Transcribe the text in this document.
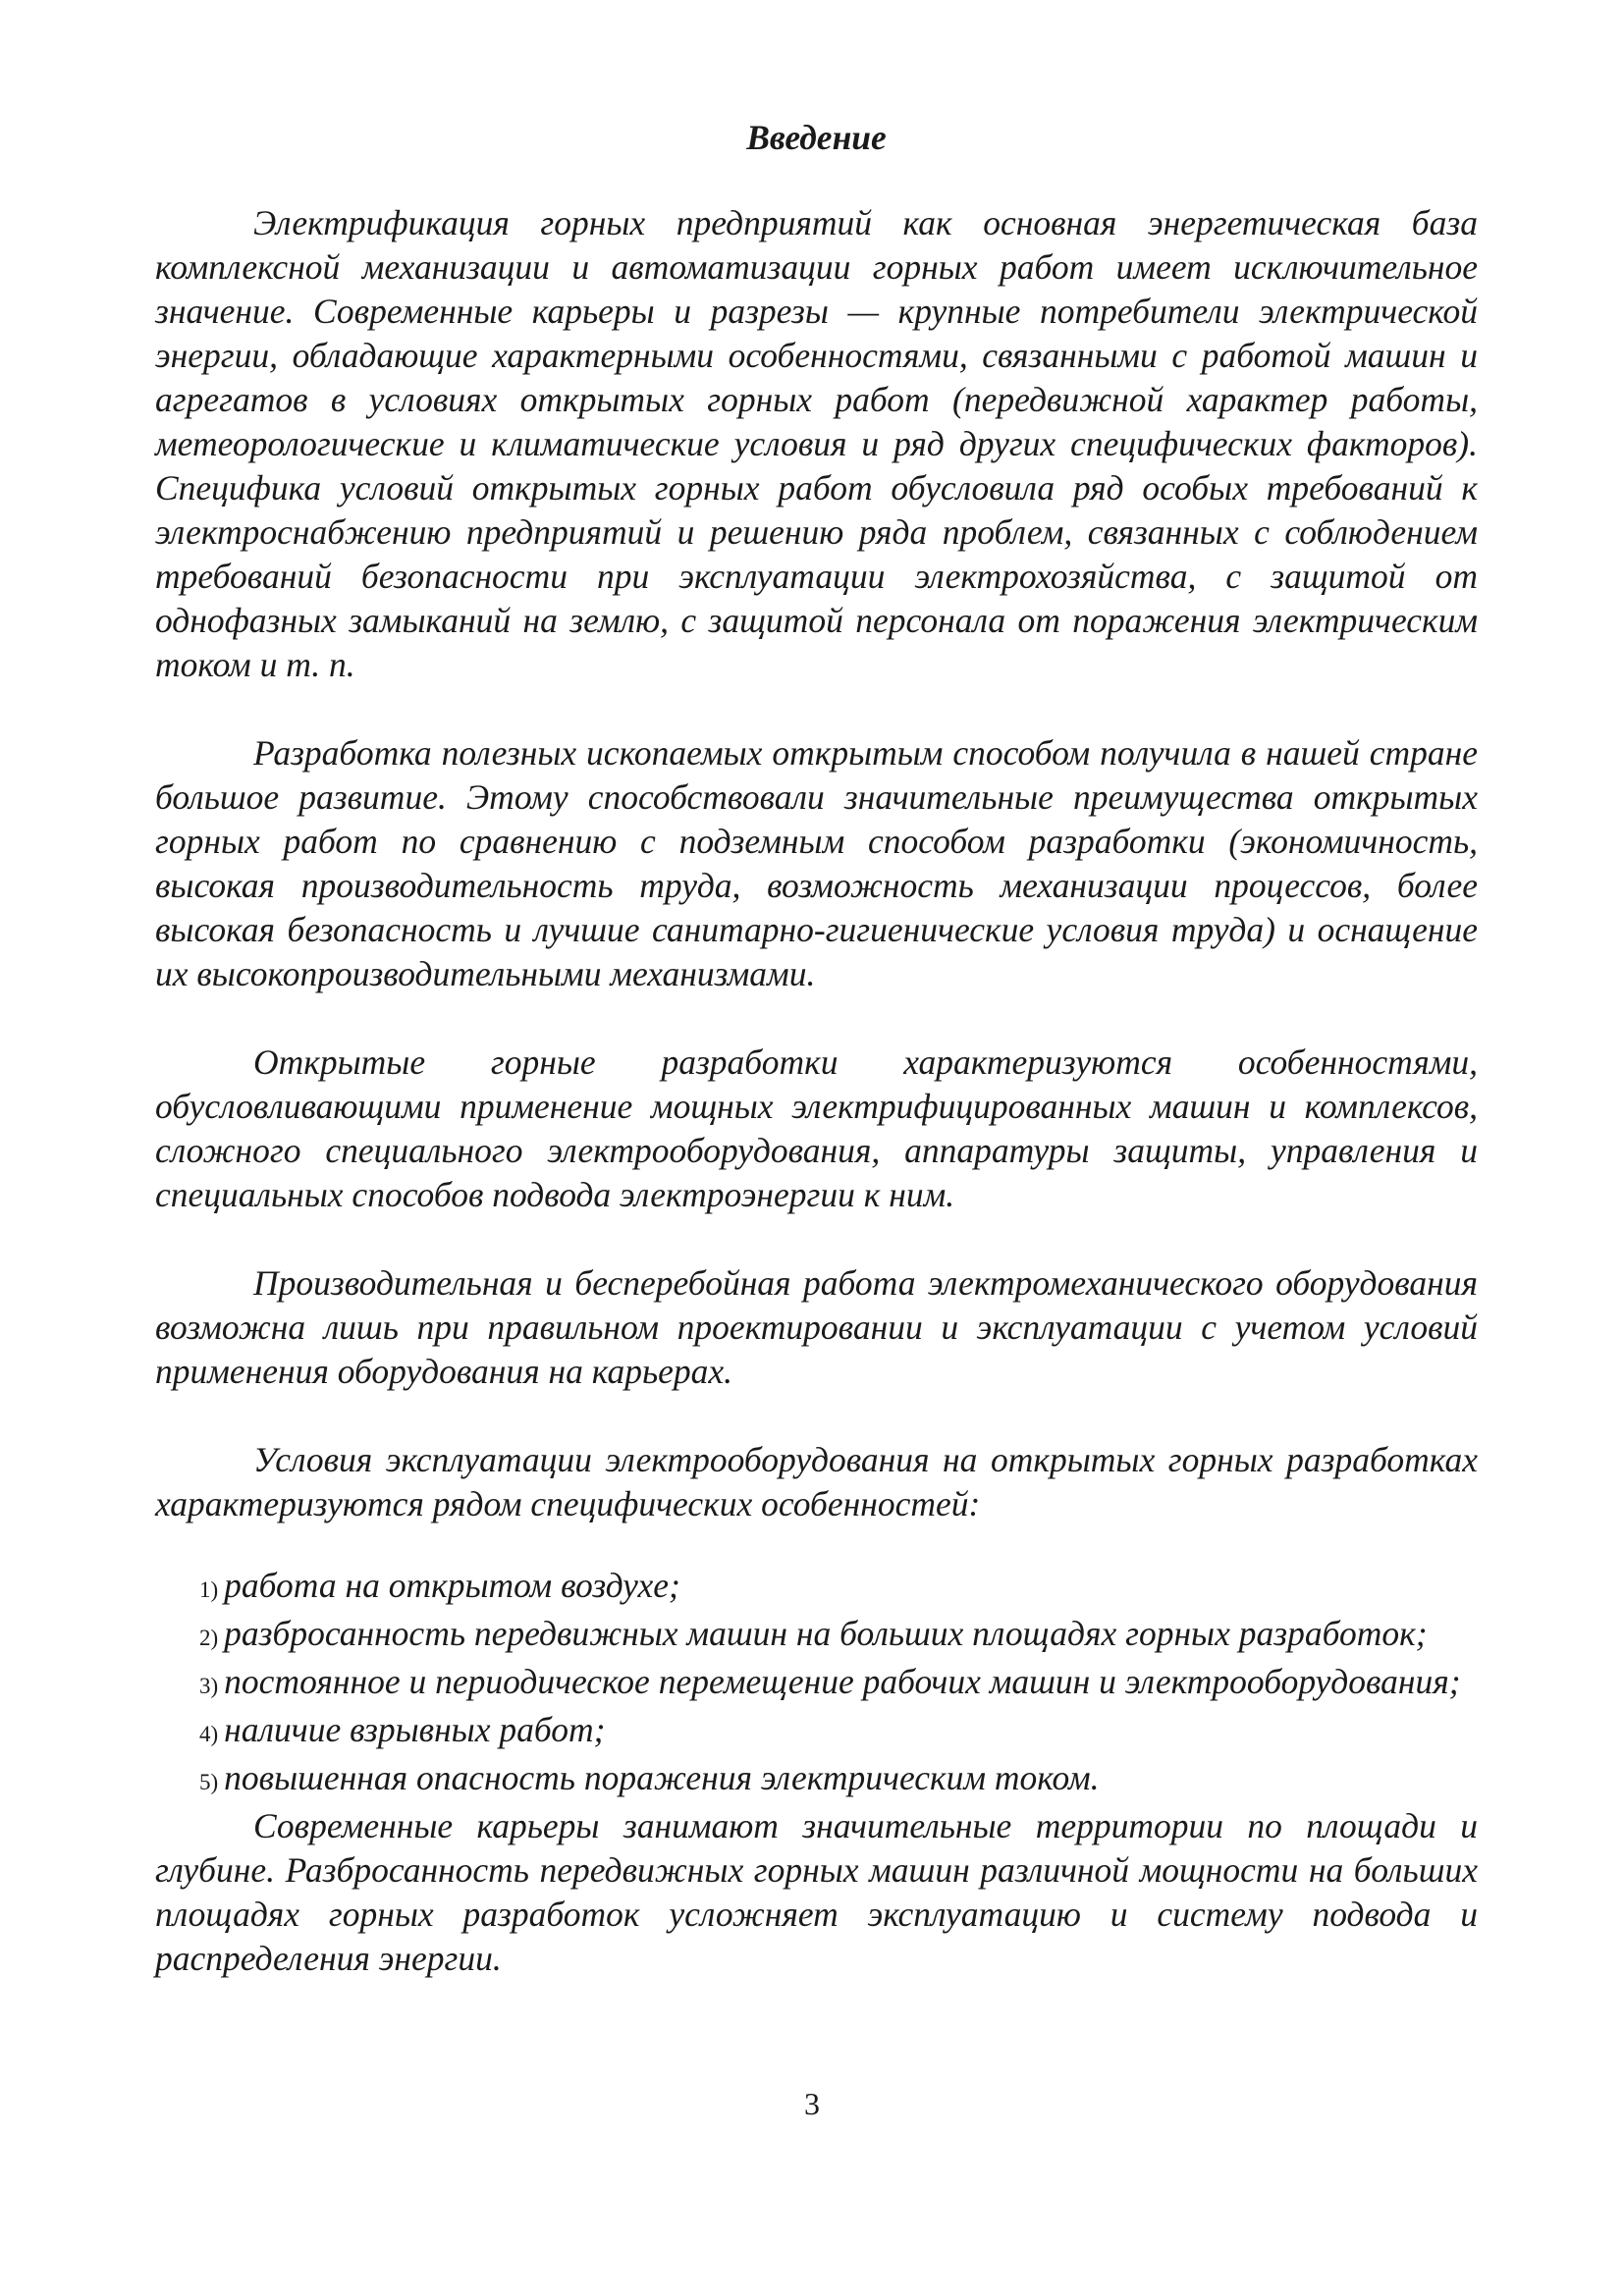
Введение

Электрификация горных предприятий как основная энергетическая база комплексной механизации и автоматизации горных работ имеет исключительное значение. Современные карьеры и разрезы — крупные потребители электрической энергии, обладающие характерными особенностями, связанными с работой машин и агрегатов в условиях открытых горных работ (передвижной характер работы, метеорологические и климатические условия и ряд других специфических факторов). Специфика условий открытых горных работ обусловила ряд особых требований к электроснабжению предприятий и решению ряда проблем, связанных с соблюдением требований безопасности при эксплуатации электрохозяйства, с защитой от однофазных замыканий на землю, с защитой персонала от поражения электрическим током и т. п.

Разработка полезных ископаемых открытым способом получила в нашей стране большое развитие. Этому способствовали значительные преимущества открытых горных работ по сравнению с подземным способом разработки (экономичность, высокая производительность труда, возможность механизации процессов, более высокая безопасность и лучшие санитарно-гигиенические условия труда) и оснащение их высокопроизводительными механизмами.

Открытые горные разработки характеризуются особенностями, обусловливающими применение мощных электрифицированных машин и комплексов, сложного специального электрооборудования, аппаратуры защиты, управления и специальных способов подвода электроэнергии к ним.

Производительная и бесперебойная работа электромеханического оборудования возможна лишь при правильном проектировании и эксплуатации с учетом условий применения оборудования на карьерах.

Условия эксплуатации электрооборудования на открытых горных разработках характеризуются рядом специфических особенностей:

1) работа на открытом воздухе;

2) разбросанность передвижных машин на больших площадях горных разработок;

3) постоянное и периодическое перемещение рабочих машин и электрооборудования;

4) наличие взрывных работ;

5) повышенная опасность поражения электрическим током.

Современные карьеры занимают значительные территории по площади и глубине. Разбросанность передвижных горных машин различной мощности на больших площадях горных разработок усложняет эксплуатацию и систему подвода и распределения энергии.

3
